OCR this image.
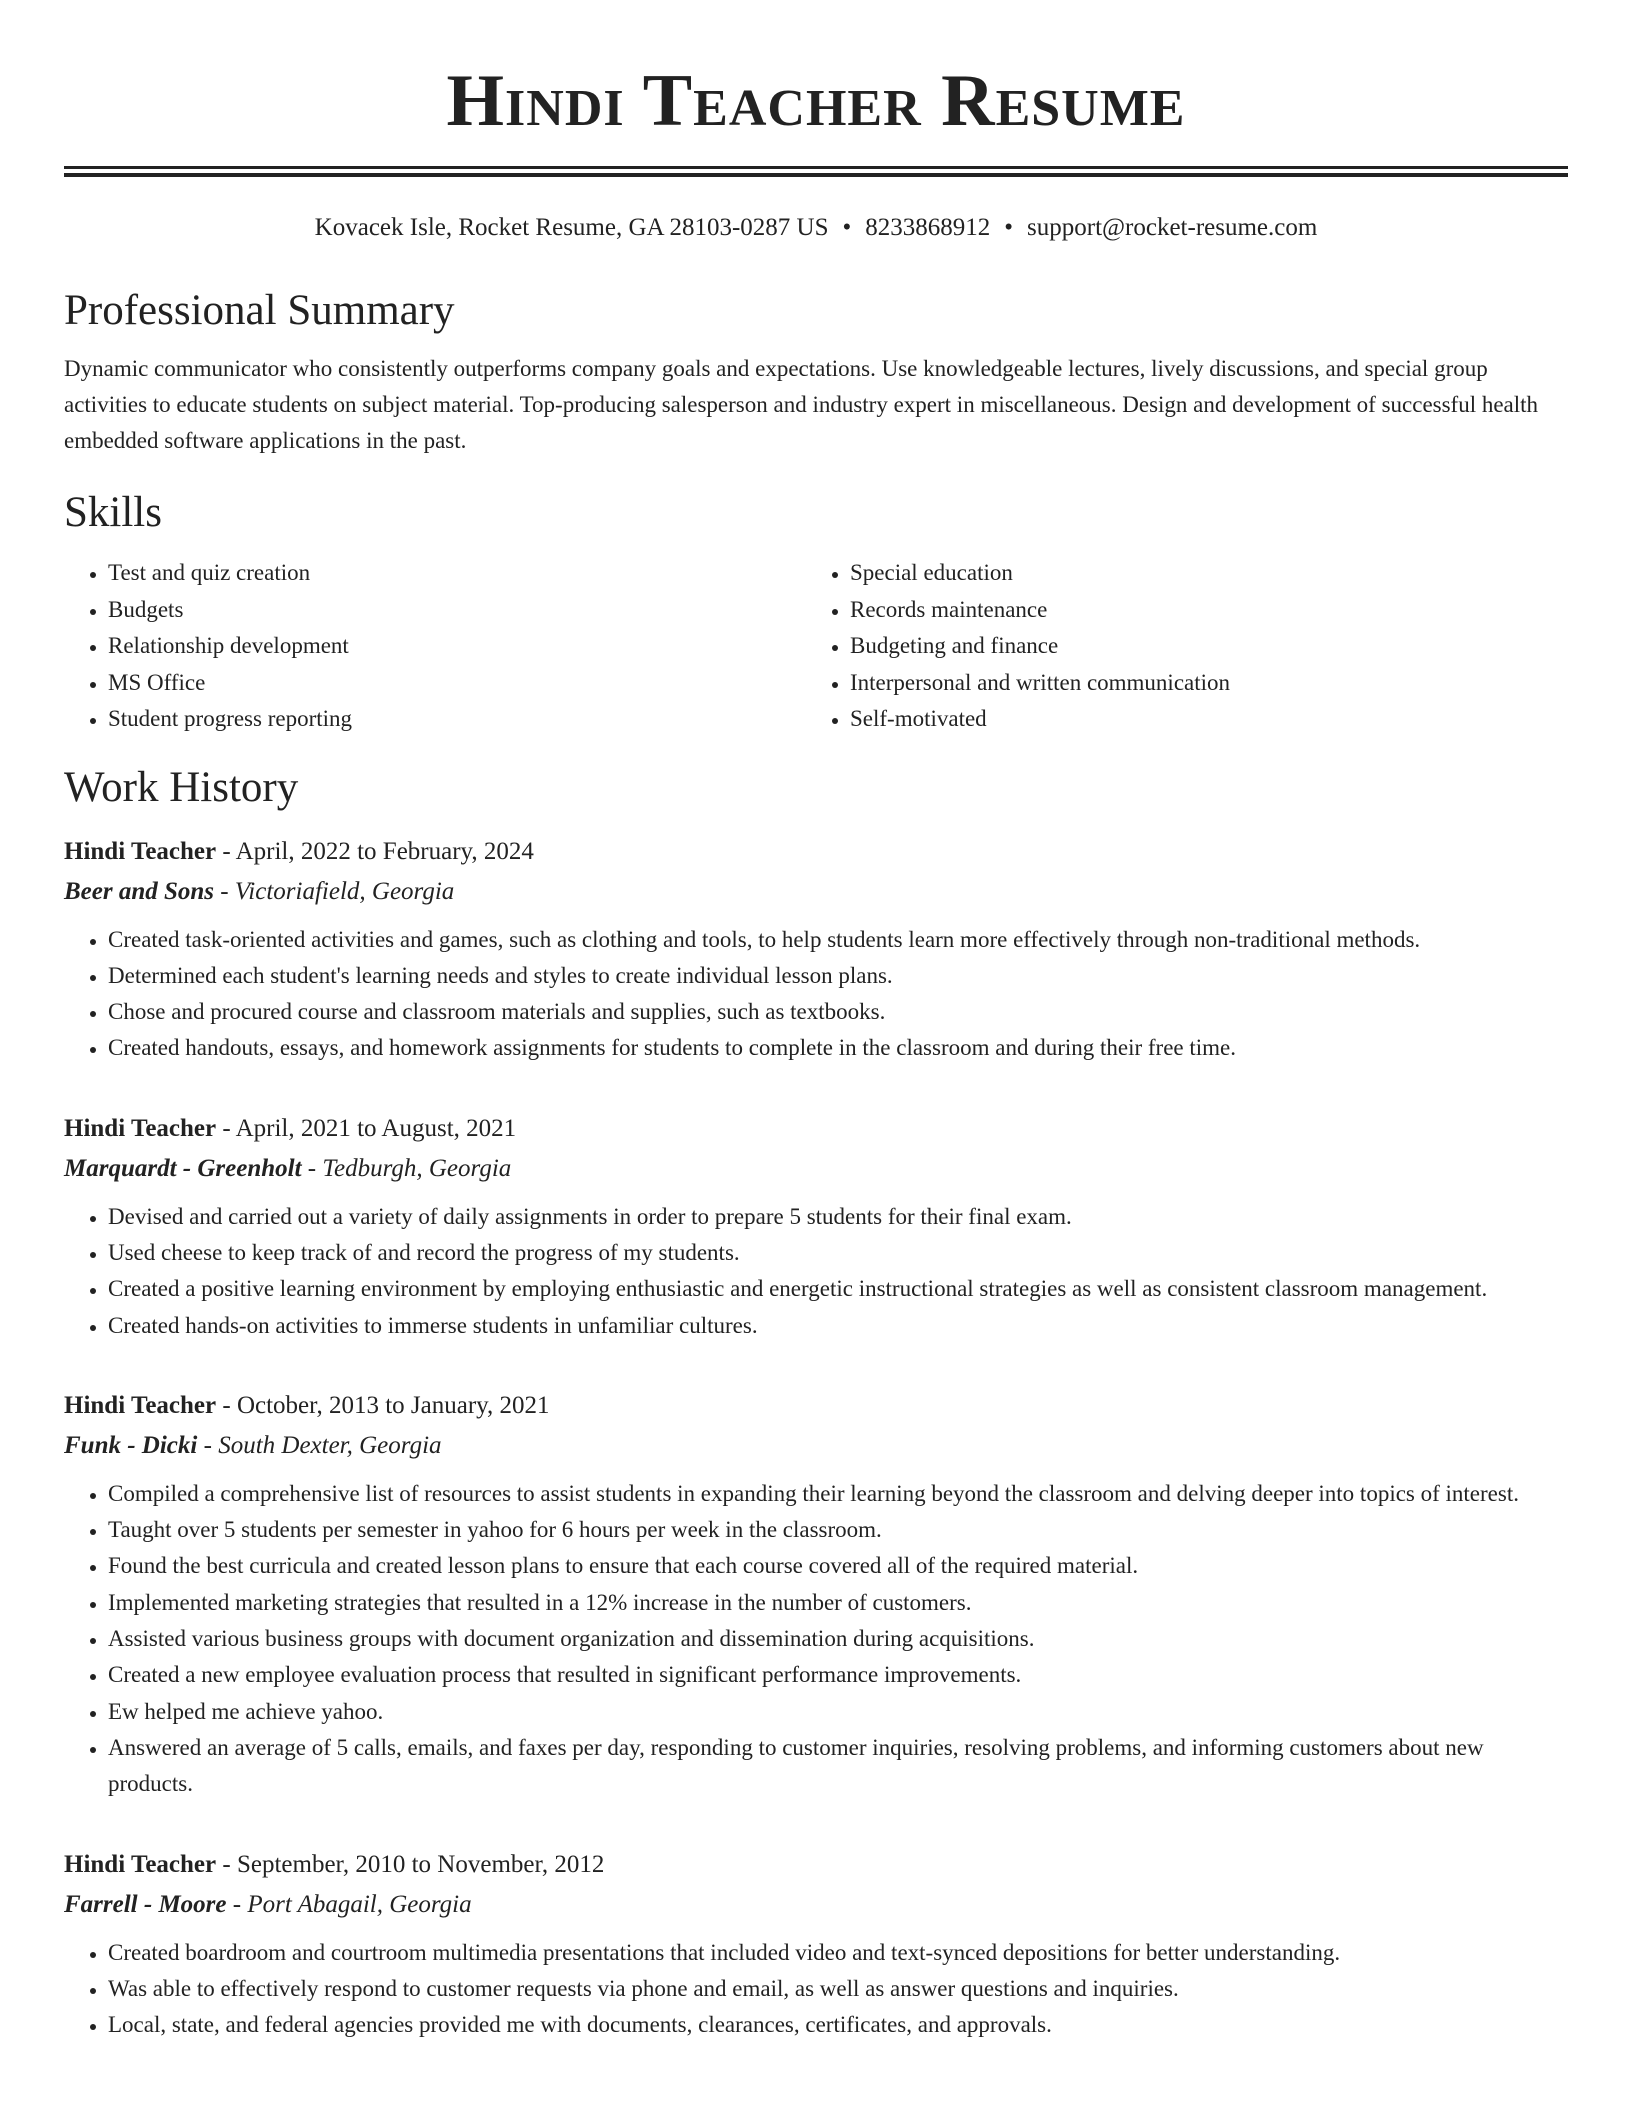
Hindi Teacher Resume
Kovacek Isle, Rocket Resume, GA 28103-0287 US • 8233868912 • support@rocket-resume.com
Professional Summary

Dynamic communicator who consistently outperforms company goals and expectations. Use knowledgeable lectures, lively discussions, and special group activities to educate students on subject material. Top-producing salesperson and industry expert in miscellaneous. Design and development of successful health embedded software applications in the past.

Skills
• Test and quiz creation
• Budgets
• Relationship development
• MS Office
• Student progress reporting
• Special education
• Records maintenance
• Budgeting and finance
• Interpersonal and written communication
• Self-motivated
Work History
Hindi Teacher - April, 2022 to February, 2024
Beer and Sons - Victoriafield, Georgia
• Created task-oriented activities and games, such as clothing and tools, to help students learn more effectively through non-traditional methods.
• Determined each student's learning needs and styles to create individual lesson plans.
• Chose and procured course and classroom materials and supplies, such as textbooks.
• Created handouts, essays, and homework assignments for students to complete in the classroom and during their free time.
Hindi Teacher - April, 2021 to August, 2021
Marquardt - Greenholt - Tedburgh, Georgia
• Devised and carried out a variety of daily assignments in order to prepare 5 students for their final exam.
• Used cheese to keep track of and record the progress of my students.
• Created a positive learning environment by employing enthusiastic and energetic instructional strategies as well as consistent classroom management.
• Created hands-on activities to immerse students in unfamiliar cultures.
Hindi Teacher - October, 2013 to January, 2021
Funk - Dicki - South Dexter, Georgia
• Compiled a comprehensive list of resources to assist students in expanding their learning beyond the classroom and delving deeper into topics of interest.
• Taught over 5 students per semester in yahoo for 6 hours per week in the classroom.
• Found the best curricula and created lesson plans to ensure that each course covered all of the required material.
• Implemented marketing strategies that resulted in a 12% increase in the number of customers.
• Assisted various business groups with document organization and dissemination during acquisitions.
• Created a new employee evaluation process that resulted in significant performance improvements.
• Ew helped me achieve yahoo.
• Answered an average of 5 calls, emails, and faxes per day, responding to customer inquiries, resolving problems, and informing customers about new products.
Hindi Teacher - September, 2010 to November, 2012
Farrell - Moore - Port Abagail, Georgia
• Created boardroom and courtroom multimedia presentations that included video and text-synced depositions for better understanding.
• Was able to effectively respond to customer requests via phone and email, as well as answer questions and inquiries.
• Local, state, and federal agencies provided me with documents, clearances, certificates, and approvals.
